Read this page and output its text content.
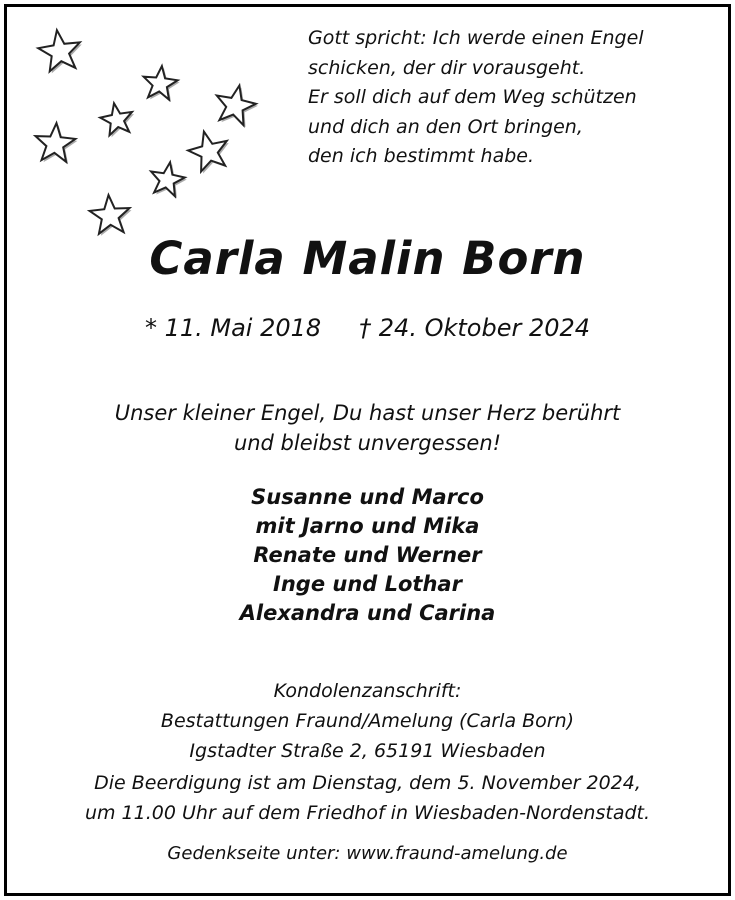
Gott spricht: Ich werde einen Engel
schicken, der dir vorausgeht.
Er soll dich auf dem Weg schützen
und dich an den Ort bringen,
den ich bestimmt habe.
Carla Malin Born
* 11. Mai 2018 † 24. Oktober 2024
Unser kleiner Engel, Du hast unser Herz berührt
und bleibst unvergessen!
Susanne und Marco
mit Jarno und Mika
Renate und Werner
Inge und Lothar
Alexandra und Carina
Kondolenzanschrift:
Bestattungen Fraund/Amelung (Carla Born)
Igstadter Straße 2, 65191 Wiesbaden
Die Beerdigung ist am Dienstag, dem 5. November 2024,
um 11.00 Uhr auf dem Friedhof in Wiesbaden-Nordenstadt.
Gedenkseite unter: www.fraund-amelung.de
